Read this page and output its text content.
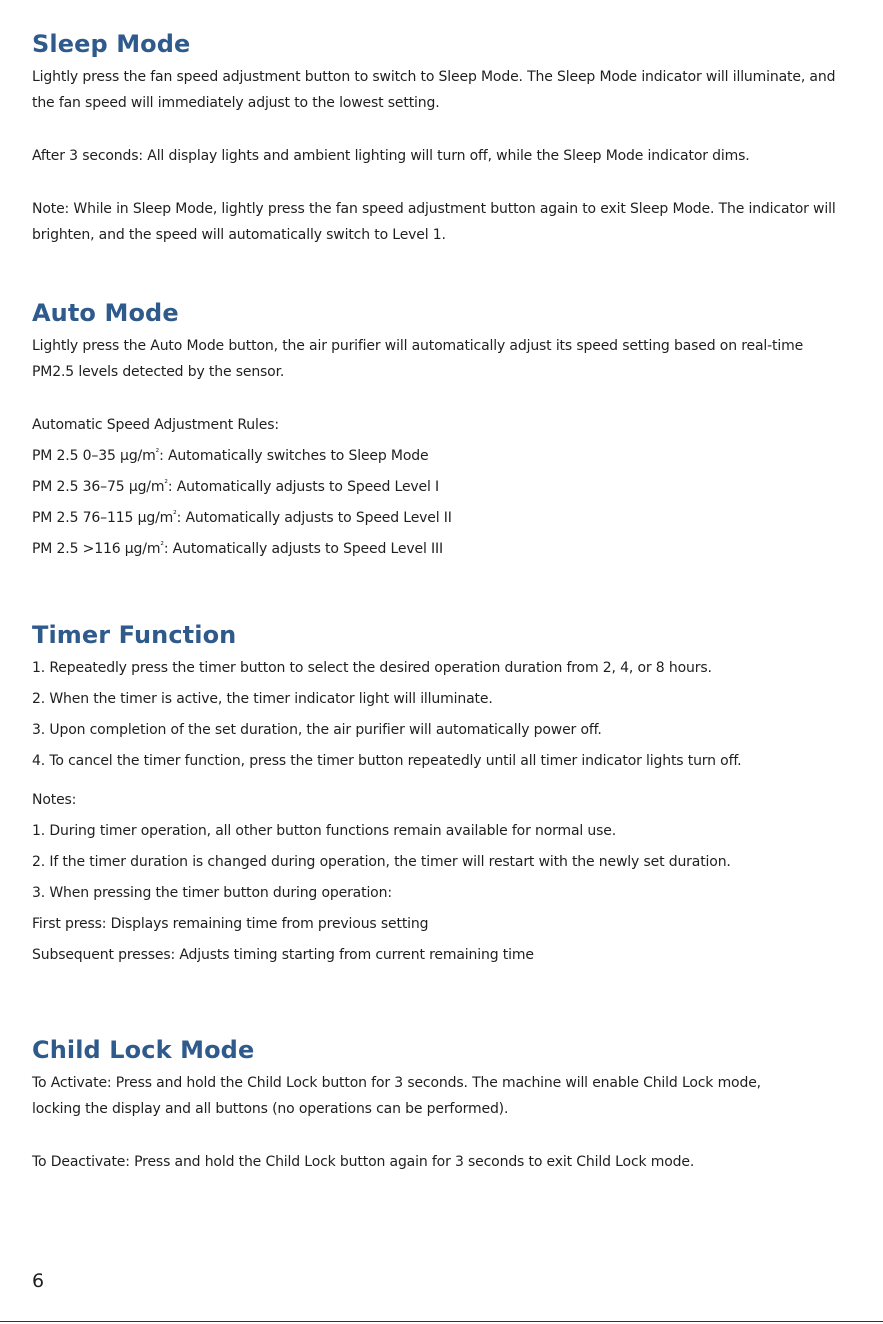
Sleep Mode

Lightly press the fan speed adjustment button to switch to Sleep Mode. The Sleep Mode indicator will illuminate, and the fan speed will immediately adjust to the lowest setting.

After 3 seconds: All display lights and ambient lighting will turn off, while the Sleep Mode indicator dims.

Note: While in Sleep Mode, lightly press the fan speed adjustment button again to exit Sleep Mode. The indicator will brighten, and the speed will automatically switch to Level 1.

Auto Mode

Lightly press the Auto Mode button, the air purifier will automatically adjust its speed setting based on real-time PM2.5 levels detected by the sensor.

Automatic Speed Adjustment Rules:

PM 2.5 0–35 $\mu g/m^{^2}$: Automatically switches to Sleep Mode

PM 2.5 36–75 $\mu g/m^{^2}$: Automatically adjusts to Speed Level I

PM 2.5 76–115 $\mu g/m^{^2}$: Automatically adjusts to Speed Level II

PM 2.5 >116 $\mu g/m^{^2}$: Automatically adjusts to Speed Level III

Timer Function

1. Repeatedly press the timer button to select the desired operation duration from 2, 4, or 8 hours.

2. When the timer is active, the timer indicator light will illuminate.

3. Upon completion of the set duration, the air purifier will automatically power off.

4. To cancel the timer function, press the timer button repeatedly until all timer indicator lights turn off.

Notes:

1. During timer operation, all other button functions remain available for normal use.

2. If the timer duration is changed during operation, the timer will restart with the newly set duration.

3. When pressing the timer button during operation:

First press: Displays remaining time from previous setting

Subsequent presses: Adjusts timing starting from current remaining time

Child Lock Mode

To Activate: Press and hold the Child Lock button for 3 seconds. The machine will enable Child Lock mode, locking the display and all buttons (no operations can be performed).

To Deactivate: Press and hold the Child Lock button again for 3 seconds to exit Child Lock mode.

6
